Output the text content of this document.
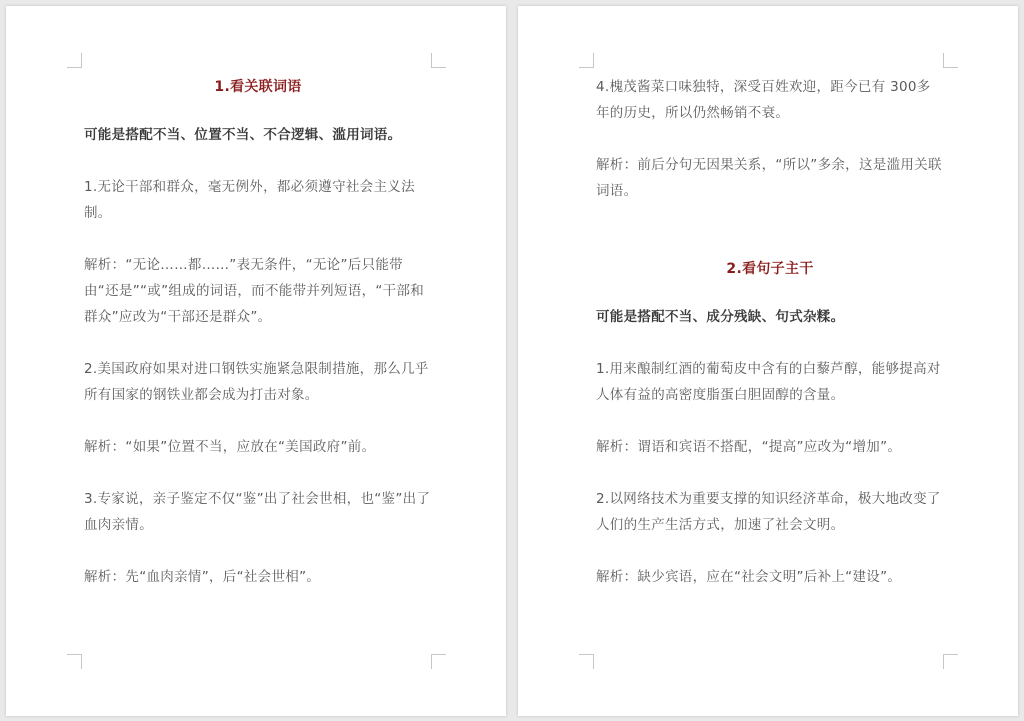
1.看关联词语

可能是搭配不当、位置不当、不合逻辑、滥用词语。

1.无论干部和群众，毫无例外，都必须遵守社会主义法制。

解析：“无论……都……”表无条件，“无论”后只能带由“还是”“或”组成的词语，而不能带并列短语，“干部和群众”应改为“干部还是群众”。

2.美国政府如果对进口钢铁实施紧急限制措施，那么几乎所有国家的钢铁业都会成为打击对象。

解析：“如果”位置不当，应放在“美国政府”前。

3.专家说，亲子鉴定不仅“鉴”出了社会世相，也“鉴”出了血肉亲情。

解析：先“血肉亲情”，后“社会世相”。

4.槐茂酱菜口味独特，深受百姓欢迎，距今已有 300多年的历史，所以仍然畅销不衰。

解析：前后分句无因果关系，“所以”多余，这是滥用关联词语。

2.看句子主干

可能是搭配不当、成分残缺、句式杂糅。

1.用来酿制红酒的葡萄皮中含有的白藜芦醇，能够提高对人体有益的高密度脂蛋白胆固醇的含量。

解析：谓语和宾语不搭配，“提高”应改为“增加”。

2.以网络技术为重要支撑的知识经济革命，极大地改变了人们的生产生活方式，加速了社会文明。

解析：缺少宾语，应在“社会文明”后补上“建设”。
